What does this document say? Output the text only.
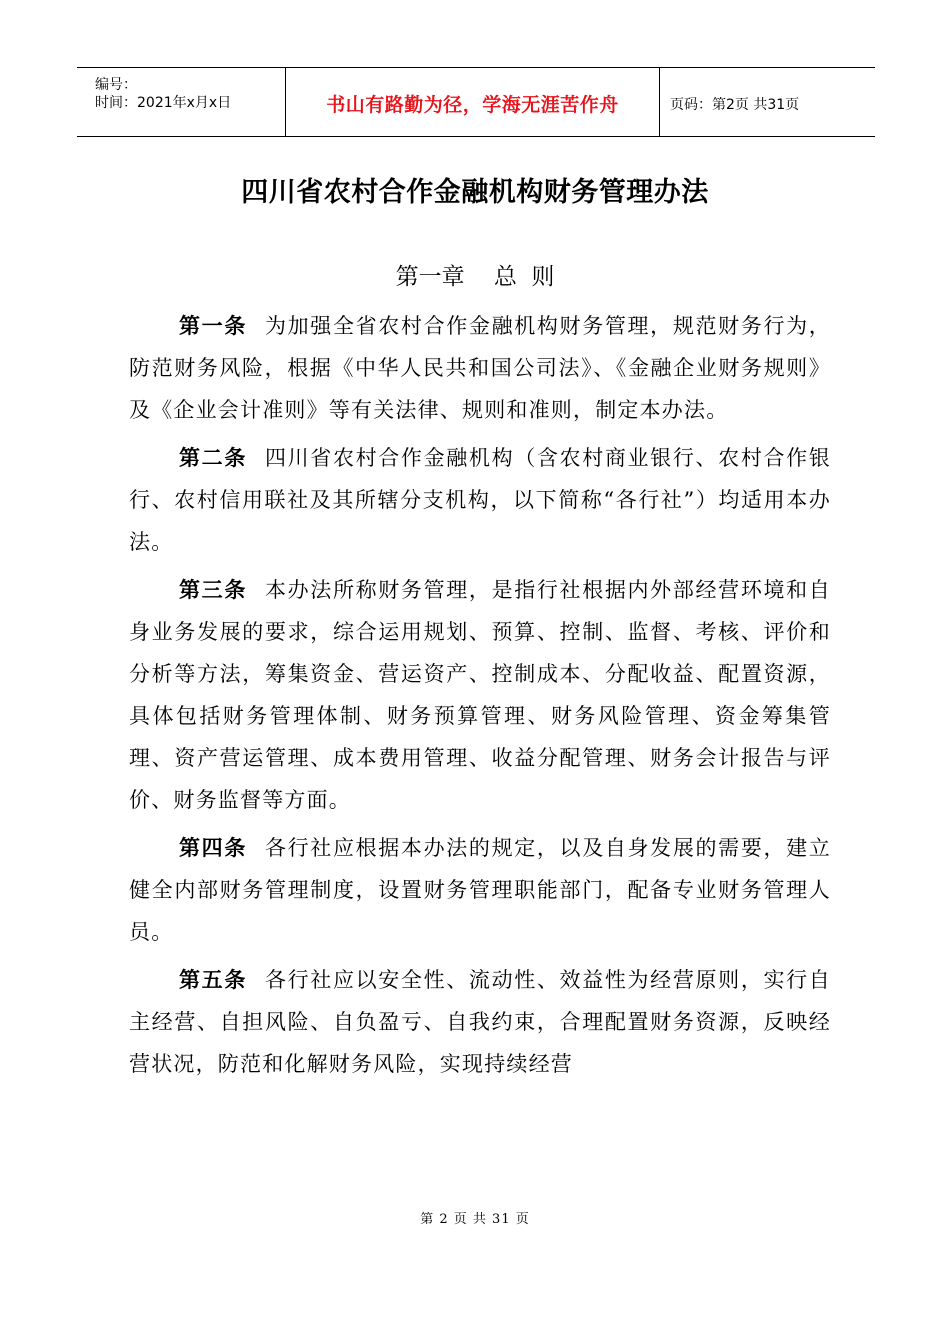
编号：
时间：2021年x月x日	书山有路勤为径，学海无涯苦作舟	页码：第2页 共31页
四川省农村合作金融机构财务管理办法
第一章 总  则

第一条 为加强全省农村合作金融机构财务管理，规范财务行为，防范财务风险，根据《中华人民共和国公司法》、《金融企业财务规则》及《企业会计准则》等有关法律、规则和准则，制定本办法。

第二条 四川省农村合作金融机构（含农村商业银行、农村合作银行、农村信用联社及其所辖分支机构，以下简称“各行社”）均适用本办法。

第三条 本办法所称财务管理，是指行社根据内外部经营环境和自身业务发展的要求，综合运用规划、预算、控制、监督、考核、评价和分析等方法，筹集资金、营运资产、控制成本、分配收益、配置资源，具体包括财务管理体制、财务预算管理、财务风险管理、资金筹集管理、资产营运管理、成本费用管理、收益分配管理、财务会计报告与评价、财务监督等方面。

第四条 各行社应根据本办法的规定，以及自身发展的需要，建立健全内部财务管理制度，设置财务管理职能部门，配备专业财务管理人员。

第五条 各行社应以安全性、流动性、效益性为经营原则，实行自主经营、自担风险、自负盈亏、自我约束，合理配置财务资源，反映经营状况，防范和化解财务风险，实现持续经营

第 2 页 共 31 页
